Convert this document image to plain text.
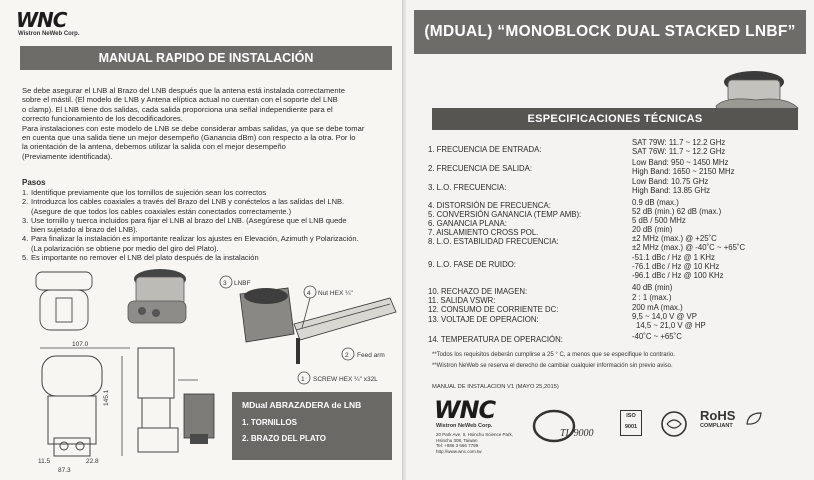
WNC
Wistron NeWeb Corp.
MANUAL RAPIDO DE INSTALACIÓN
Se debe asegurar el LNB al Brazo del LNB después que la antena está instalada correctamente
sobre el mástil. (El modelo de LNB y Antena elíptica actual no cuentan con el soporte del LNB
o clamp). El LNB tiene dos salidas, cada salida proporciona una señal independiente para el
correcto funcionamiento de los decodificadores.
Para instalaciones con este modelo de LNB se debe considerar ambas salidas, ya que se debe tomar
en cuenta que una salida tiene un mejor desempeño (Ganancia dBm) con respecto a la otra. Por lo
la orientación de la antena, debemos utilizar la salida con el mejor desempeño
(Previamente identificada).
Pasos
1. Identifique previamente que los tornillos de sujeción sean los correctos
2. Introduzca los cables coaxiales a través del Brazo del LNB y conéctelos a las salidas del LNB.
(Asegure de que todos los cables coaxiales están conectados correctamente.)
3. Use tornillo y tuerca incluidos para fijar el LNB al brazo del LNB. (Asegúrese que el LNB quede
bien sujetado al brazo del LNB).
4. Para finalizar la instalación es importante realizar los ajustes en Elevación, Azimuth y Polarización.
(La polarización se obtiene por medio del giro del Plato).
5. Es importante no remover el LNB del plato después de la instalación
107.0
145.1
11.5	22.8
87.3
3 LNBF
4 Nut HEX ¼"
2 Feed arm
1 SCREW HEX ¼" x32L
MDual ABRAZADERA de LNB
1. TORNILLOS
2. BRAZO DEL PLATO
(MDUAL) “MONOBLOCK DUAL STACKED LNBF”
ESPECIFICACIONES TÉCNICAS
1. FRECUENCIA DE ENTRADA:
SAT 79W: 11.7 ~ 12.2 GHz
SAT 76W: 11.7 ~ 12.2 GHz
2. FRECUENCIA DE SALIDA:
Low Band: 950 ~ 1450 MHz
High Band: 1650 ~ 2150 MHz
3. L.O. FRECUENCIA:
Low Band: 10.75 GHz
High Band: 13.85 GHz
4. DISTORSIÓN DE FRECUENCA:	0.9 dB (max.)
5. CONVERSIÓN GANANCIA (TEMP AMB):	52 dB (min.) 62 dB (max.)
6. GANANCIA PLANA:	5 dB / 500 MHz
7. AISLAMIENTO CROSS POL.	20 dB (min)
8. L.O. ESTABILIDAD FRECUENCIA:	±2 MHz (max.) @ +25˚C
±2 MHz (max.) @ -40˚C ~ +65˚C
9. L.O. FASE DE RUIDO:
-51.1 dBc / Hz @ 1 KHz
-76.1 dBc / Hz @ 10 KHz
-96.1 dBc / Hz @ 100 KHz
10. RECHAZO DE IMAGEN:	40 dB (min)
11. SALIDA VSWR:	2 : 1 (max.)
12. CONSUMO DE CORRIENTE DC:	200 mA (max.)
13. VOLTAJE DE OPERACION:	9,5 ~ 14,0 V @ VP
14,5 ~ 21,0 V @ HP
14. TEMPERATURA DE OPERACIÓN:	-40˚C ~ +65˚C
**Todos los requisitos deberán cumplirse a 25 ° C, a menos que se especifique lo contrario.
**Wistron NeWeb se reserva el derecho de cambiar cualquier información sin previo aviso.
MANUAL DE INSTALACION V1 (MAYO 25,2015)
WNC
Wistron NeWeb Corp.
20 Park Ave. II, Hsinchu Science Park,
Hsinchu 308, Taiwan
Tel: +886 3 666 7799
http://www.wnc.com.tw
TL 9000
ISO 9001
RoHS
COMPLIANT
